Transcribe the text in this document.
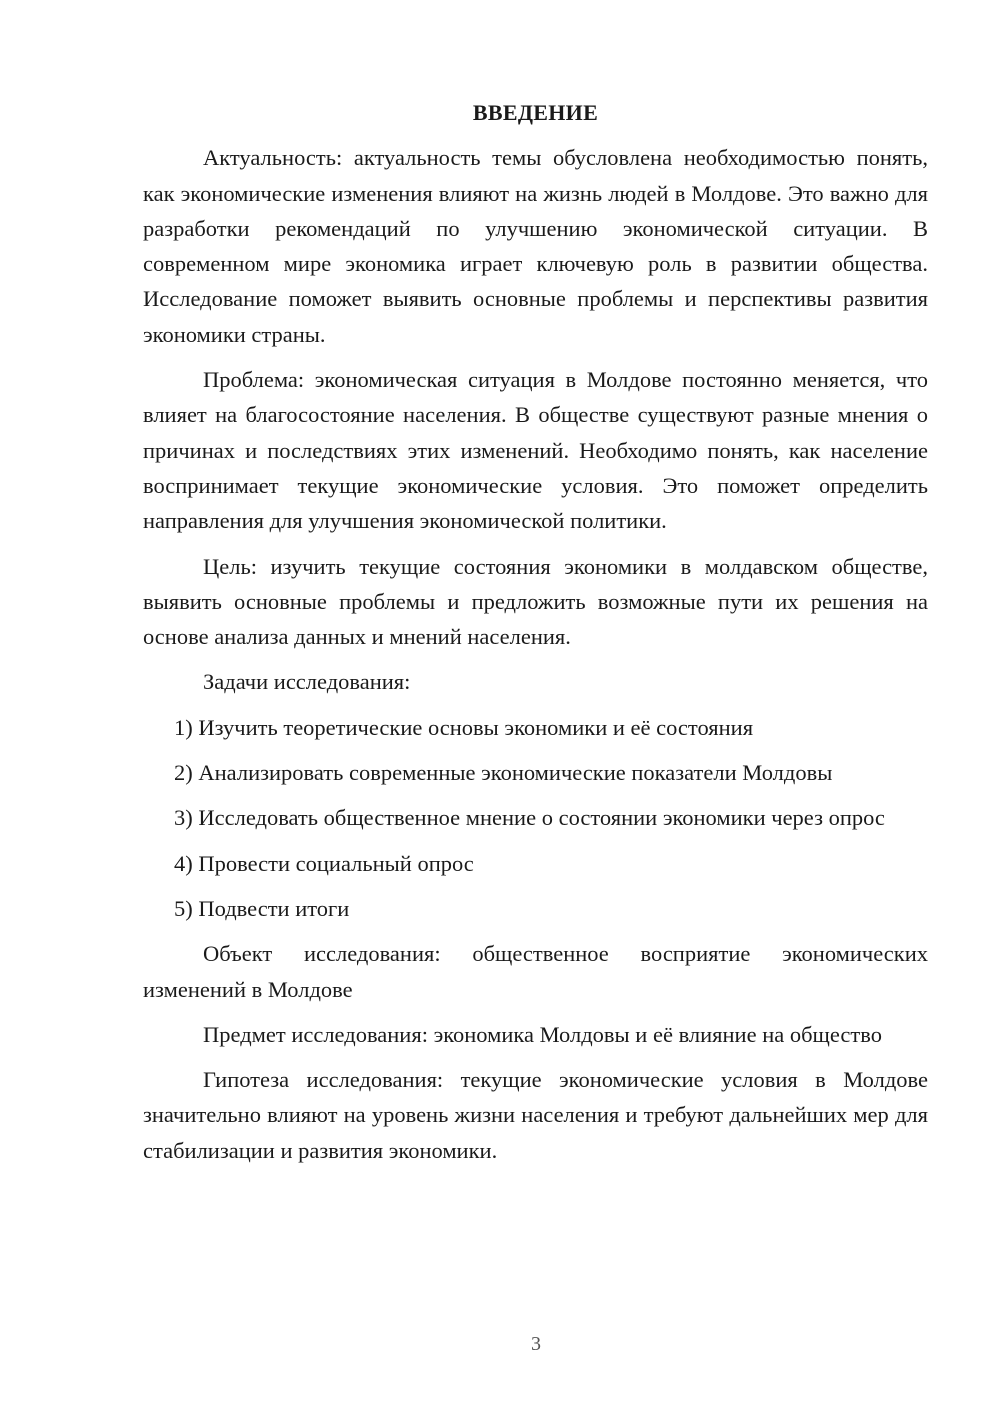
ВВЕДЕНИЕ
Актуальность: актуальность темы обусловлена необходимостью понять, как экономические изменения влияют на жизнь людей в Молдове. Это важно для разработки рекомендаций по улучшению экономической ситуации. В современном мире экономика играет ключевую роль в развитии общества. Исследование поможет выявить основные проблемы и перспективы развития экономики страны.
Проблема: экономическая ситуация в Молдове постоянно меняется, что влияет на благосостояние населения. В обществе существуют разные мнения о причинах и последствиях этих изменений. Необходимо понять, как население воспринимает текущие экономические условия. Это поможет определить направления для улучшения экономической политики.
Цель: изучить текущие состояния экономики в молдавском обществе, выявить основные проблемы и предложить возможные пути их решения на основе анализа данных и мнений населения.
Задачи исследования:
1) Изучить теоретические основы экономики и её состояния
2) Анализировать современные экономические показатели Молдовы
3) Исследовать общественное мнение о состоянии экономики через опрос
4) Провести социальный опрос
5) Подвести итоги
Объект исследования: общественное восприятие экономических изменений в Молдове
Предмет исследования: экономика Молдовы и её влияние на общество
Гипотеза исследования: текущие экономические условия в Молдове значительно влияют на уровень жизни населения и требуют дальнейших мер для стабилизации и развития экономики.
3
